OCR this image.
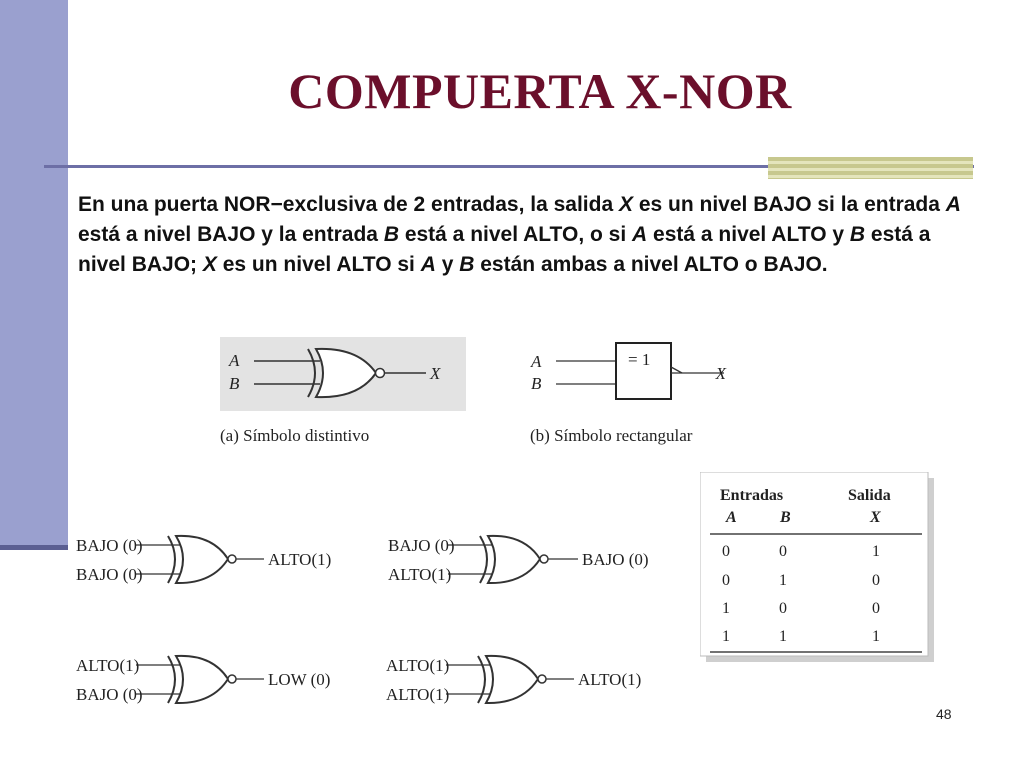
COMPUERTA X-NOR

En una puerta NOR−exclusiva de 2 entradas, la salida X es un nivel BAJO si la entrada A está a nivel BAJO y la entrada B está a nivel ALTO, o si A está a nivel ALTO y B está a nivel BAJO; X es un nivel ALTO si A y B están ambas a nivel ALTO o BAJO.

A
B
X
(a) Símbolo distintivo
= 1
A
B
X
(b) Símbolo rectangular
Entradas	Salida
A	B	X
0	0	1
0	1	0
1	0	0
1	1	1
BAJO (0)
BAJO (0)
ALTO(1)
BAJO (0)
ALTO(1)
BAJO (0)
ALTO(1)
BAJO (0)
LOW (0)
ALTO(1)
ALTO(1)
ALTO(1)
48
